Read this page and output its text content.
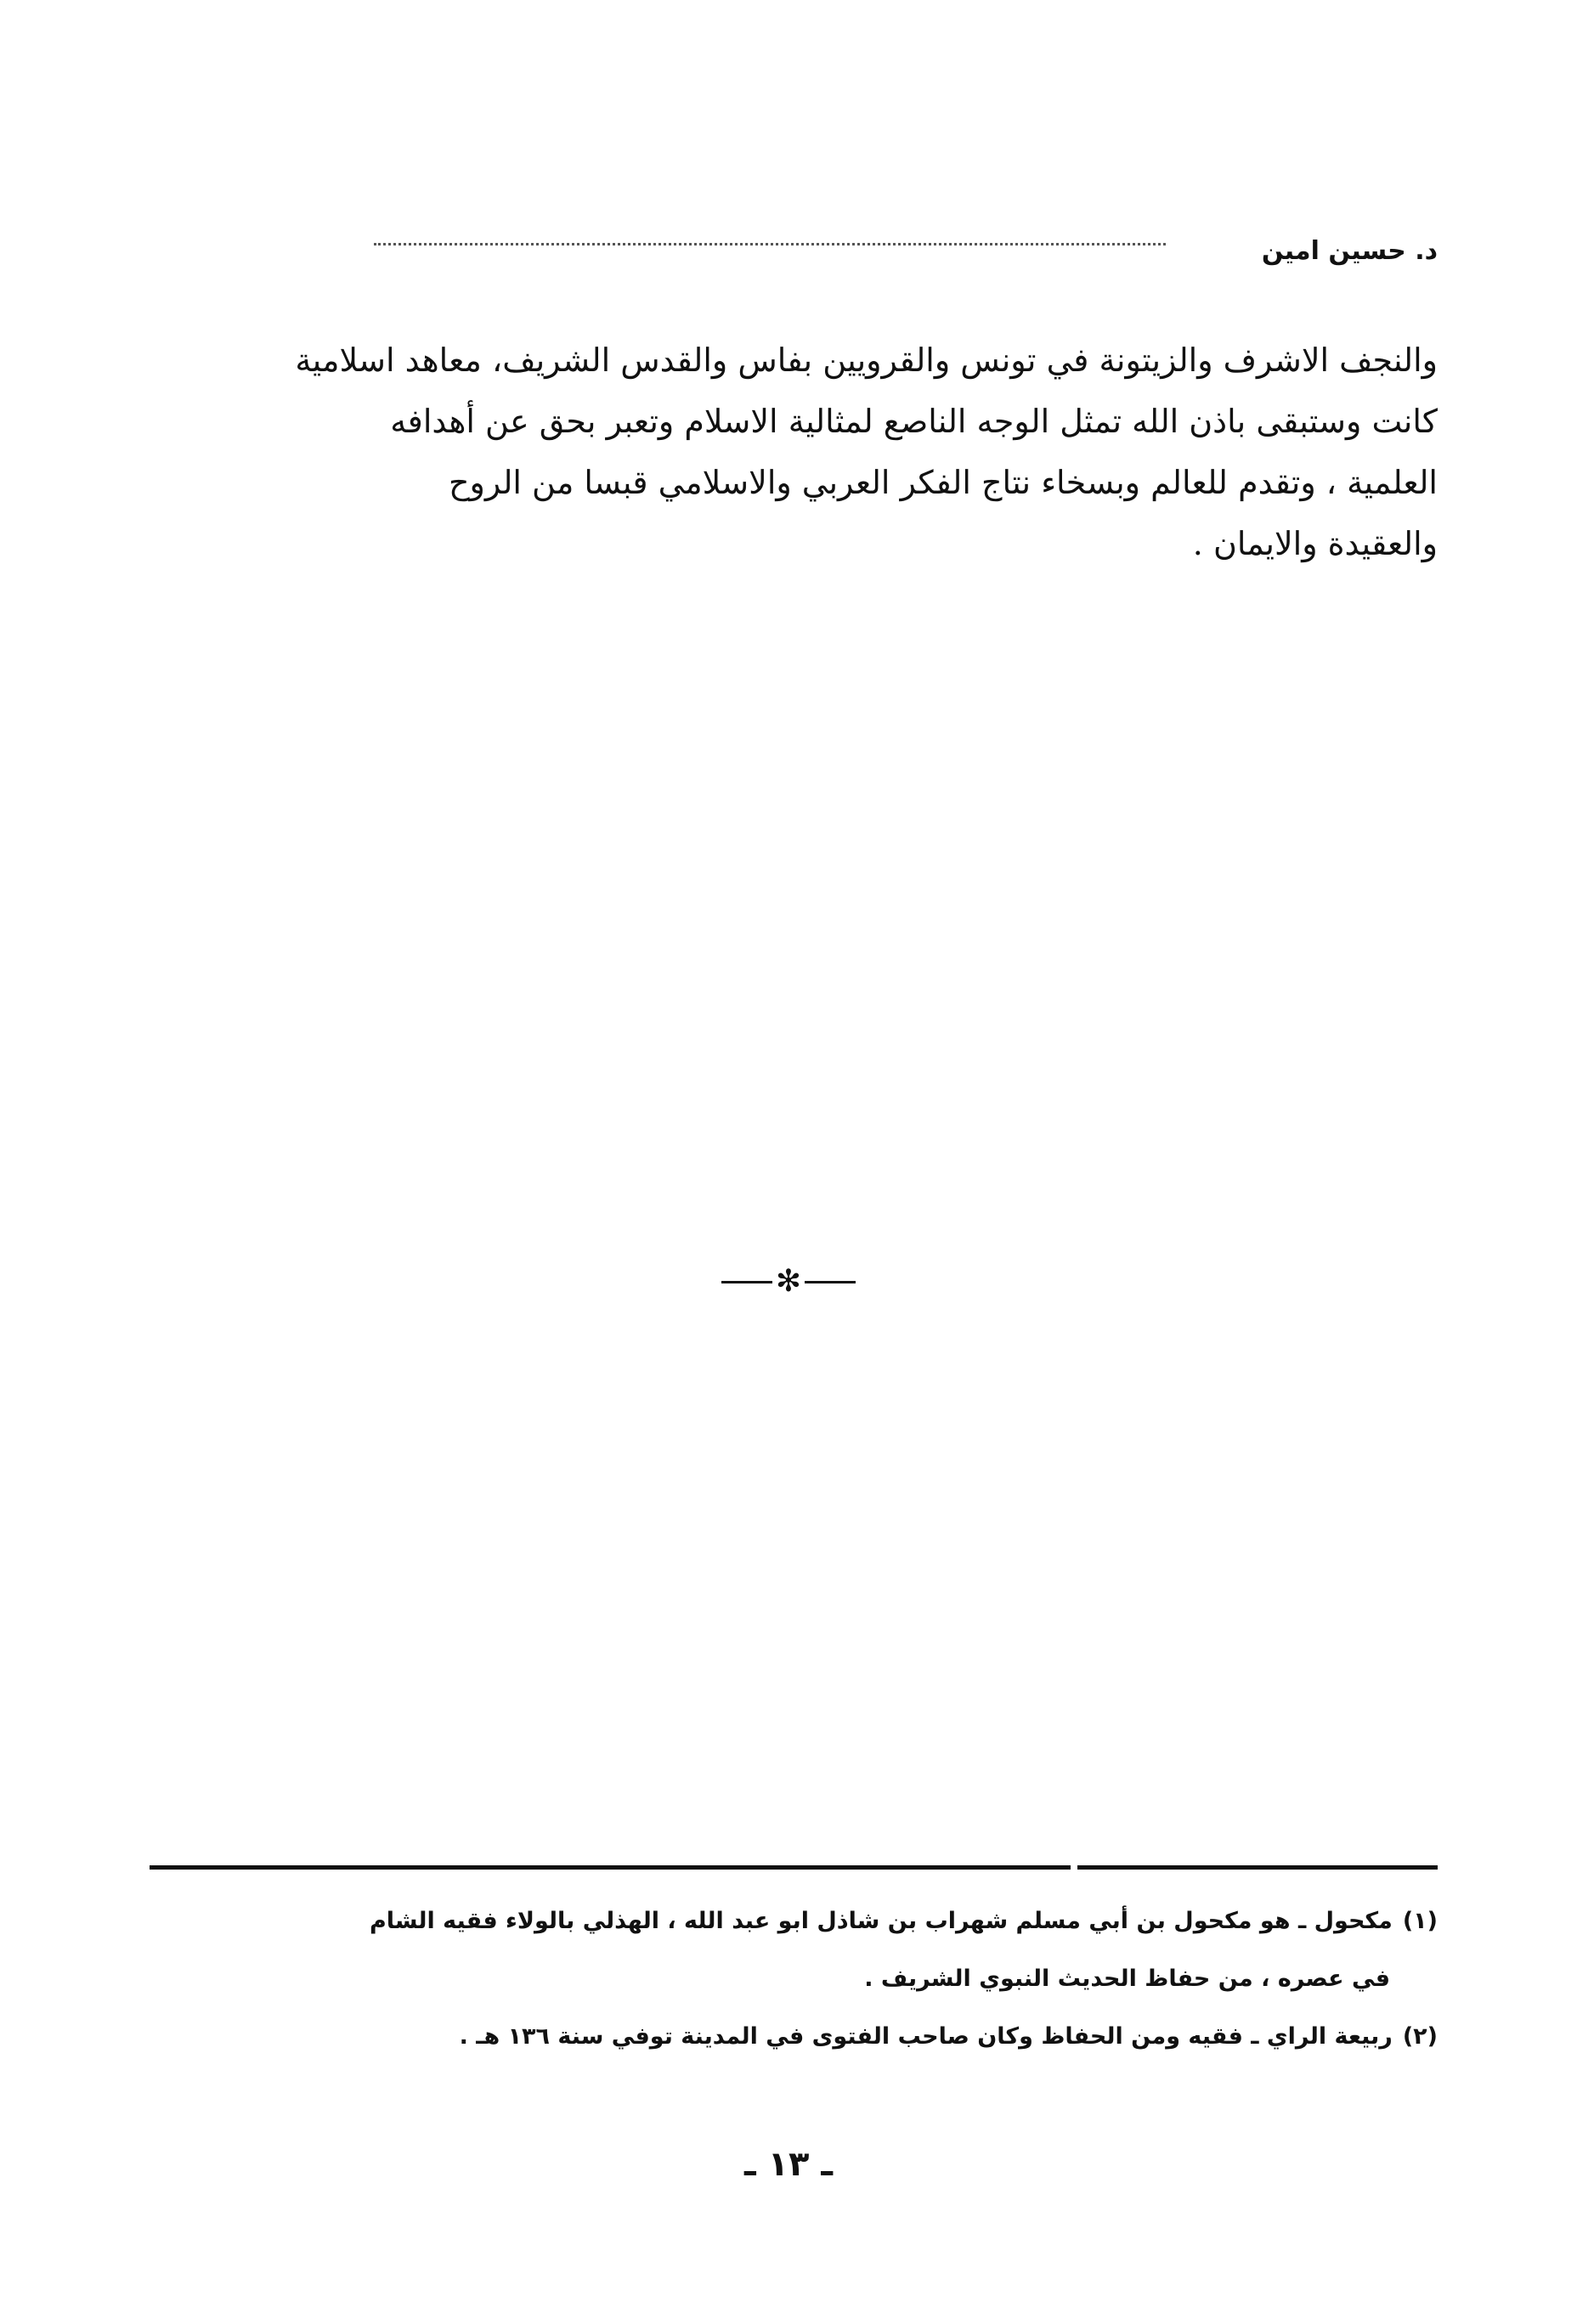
د. حسين امين

والنجف الاشرف والزيتونة في تونس والقرويين بفاس والقدس الشريف، معاهد اسلامية

كانت وستبقى باذن الله تمثل الوجه الناصع لمثالية الاسلام وتعبر بحق عن أهدافه

العلمية ، وتقدم للعالم وبسخاء نتاج الفكر العربي والاسلامي قبسا من الروح

والعقيدة والايمان .

✻

(١)مكحول ـ هو مكحول بن أبي مسلم شهراب بن شاذل ابو عبد الله ، الهذلي بالولاء فقيه الشام
في عصره ، من حفاظ الحديث النبوي الشريف .

(٢)ربيعة الراي ـ فقيه ومن الحفاظ وكان صاحب الفتوى في المدينة توفي سنة ١٣٦ هـ .

ـ ١٣ ـ
